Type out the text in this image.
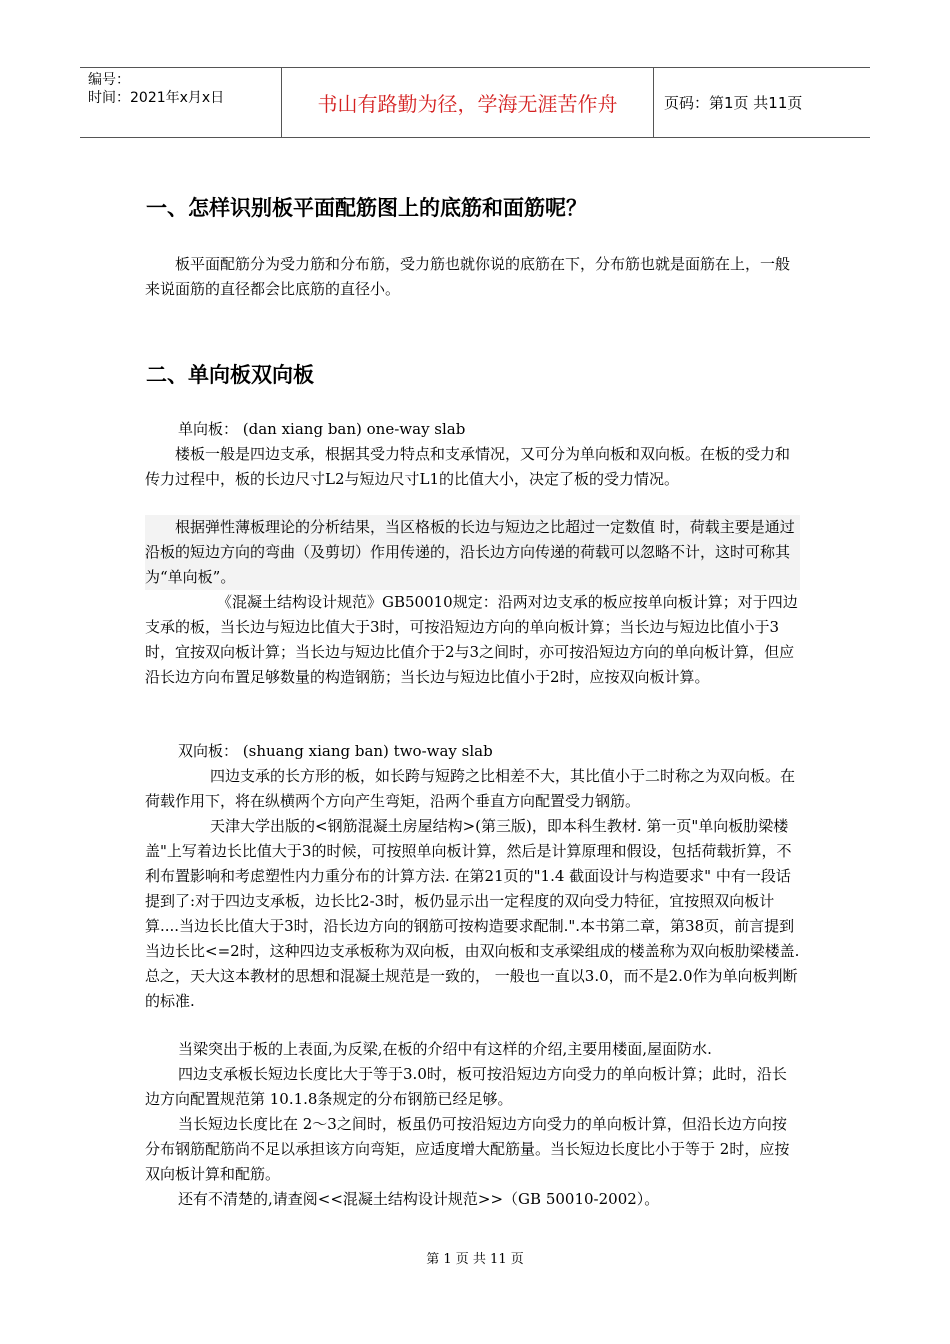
编号：
时间：2021年x月x日	书山有路勤为径，学海无涯苦作舟	页码：第1页 共11页
一、怎样识别板平面配筋图上的底筋和面筋呢？

板平面配筋分为受力筋和分布筋，受力筋也就你说的底筋在下，分布筋也就是面筋在上，一般来说面筋的直径都会比底筋的直径小。

二、单向板双向板

单向板： (dan xiang ban) one-way slab

楼板一般是四边支承，根据其受力特点和支承情况，又可分为单向板和双向板。在板的受力和传力过程中，板的长边尺寸L2与短边尺寸L1的比值大小，决定了板的受力情况。

根据弹性薄板理论的分析结果，当区格板的长边与短边之比超过一定数值 时，荷载主要是通过沿板的短边方向的弯曲（及剪切）作用传递的，沿长边方向传递的荷载可以忽略不计，这时可称其为“单向板”。

《混凝土结构设计规范》GB50010规定：沿两对边支承的板应按单向板计算；对于四边支承的板，当长边与短边比值大于3时，可按沿短边方向的单向板计算；当长边与短边比值小于3时，宜按双向板计算；当长边与短边比值介于2与3之间时，亦可按沿短边方向的单向板计算，但应沿长边方向布置足够数量的构造钢筋；当长边与短边比值小于2时，应按双向板计算。

双向板： (shuang xiang ban) two-way slab

四边支承的长方形的板，如长跨与短跨之比相差不大，其比值小于二时称之为双向板。在荷载作用下，将在纵横两个方向产生弯矩，沿两个垂直方向配置受力钢筋。

天津大学出版的<钢筋混凝土房屋结构>(第三版)，即本科生教材. 第一页"单向板肋梁楼盖"上写着边长比值大于3的时候，可按照单向板计算，然后是计算原理和假设，包括荷载折算，不利布置影响和考虑塑性内力重分布的计算方法. 在第21页的"1.4 截面设计与构造要求" 中有一段话提到了:对于四边支承板，边长比2-3时，板仍显示出一定程度的双向受力特征，宜按照双向板计算....当边长比值大于3时，沿长边方向的钢筋可按构造要求配制.".本书第二章，第38页，前言提到当边长比<=2时，这种四边支承板称为双向板，由双向板和支承梁组成的楼盖称为双向板肋梁楼盖. 总之，天大这本教材的思想和混凝土规范是一致的， 一般也一直以3.0，而不是2.0作为单向板判断的标准.

当梁突出于板的上表面,为反梁,在板的介绍中有这样的介绍,主要用楼面,屋面防水.

四边支承板长短边长度比大于等于3.0时，板可按沿短边方向受力的单向板计算；此时，沿长边方向配置规范第 10.1.8条规定的分布钢筋已经足够。

当长短边长度比在 2～3之间时，板虽仍可按沿短边方向受力的单向板计算，但沿长边方向按分布钢筋配筋尚不足以承担该方向弯矩，应适度增大配筋量。当长短边长度比小于等于 2时，应按双向板计算和配筋。

还有不清楚的,请查阅<<混凝土结构设计规范>>（GB 50010-2002）。

第 1 页 共 11 页
